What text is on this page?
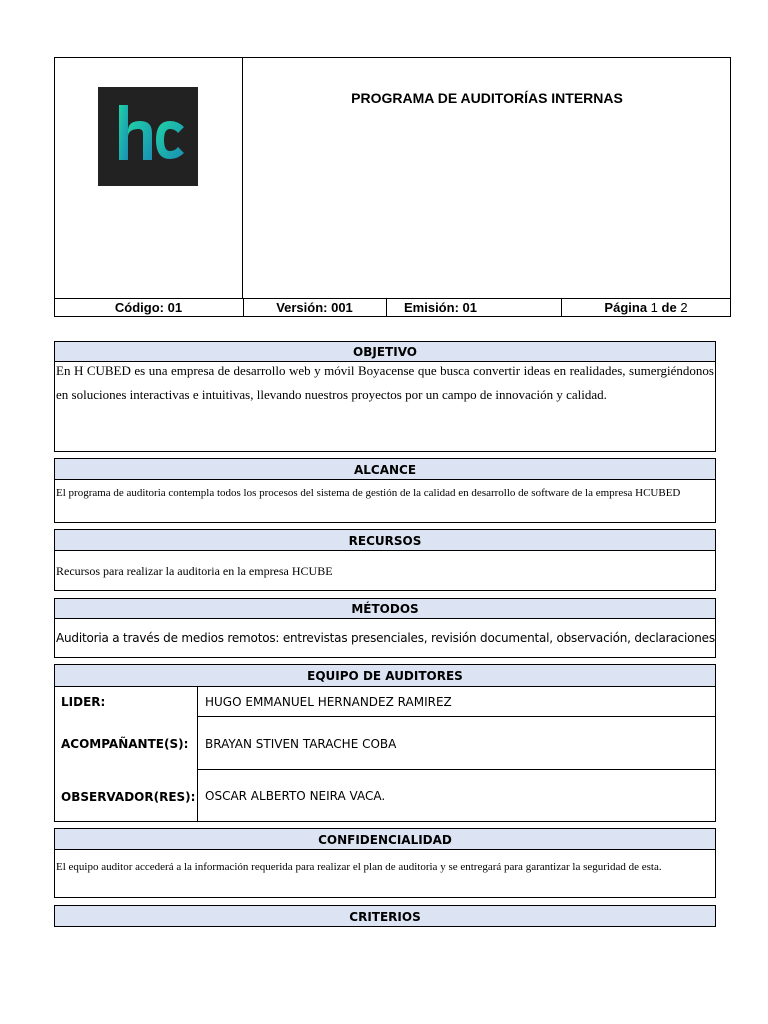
PROGRAMA DE AUDITORÍAS INTERNAS
Código: 01	Versión: 001	Emisión: 01	Página 1 de 2
OBJETIVO
En H CUBED es una empresa de desarrollo web y móvil Boyacense que busca convertir ideas en realidades, sumergiéndonos en soluciones interactivas e intuitivas, llevando nuestros proyectos por un campo de innovación y calidad.
ALCANCE
El programa de auditoria contempla todos los procesos del sistema de gestión de la calidad en desarrollo de software de la empresa HCUBED
RECURSOS
Recursos para realizar la auditoria en la empresa HCUBE
MÉTODOS
Auditoria a través de medios remotos: entrevistas presenciales, revisión documental, observación, declaraciones
EQUIPO DE AUDITORES
LIDER:	HUGO EMMANUEL HERNANDEZ RAMIREZ
ACOMPAÑANTE(S): BRAYAN STIVEN TARACHE COBA
OBSERVADOR(RES): OSCAR ALBERTO NEIRA VACA.
CONFIDENCIALIDAD
El equipo auditor accederá a la información requerida para realizar el plan de auditoria y se entregará para garantizar la seguridad de esta.
CRITERIOS
